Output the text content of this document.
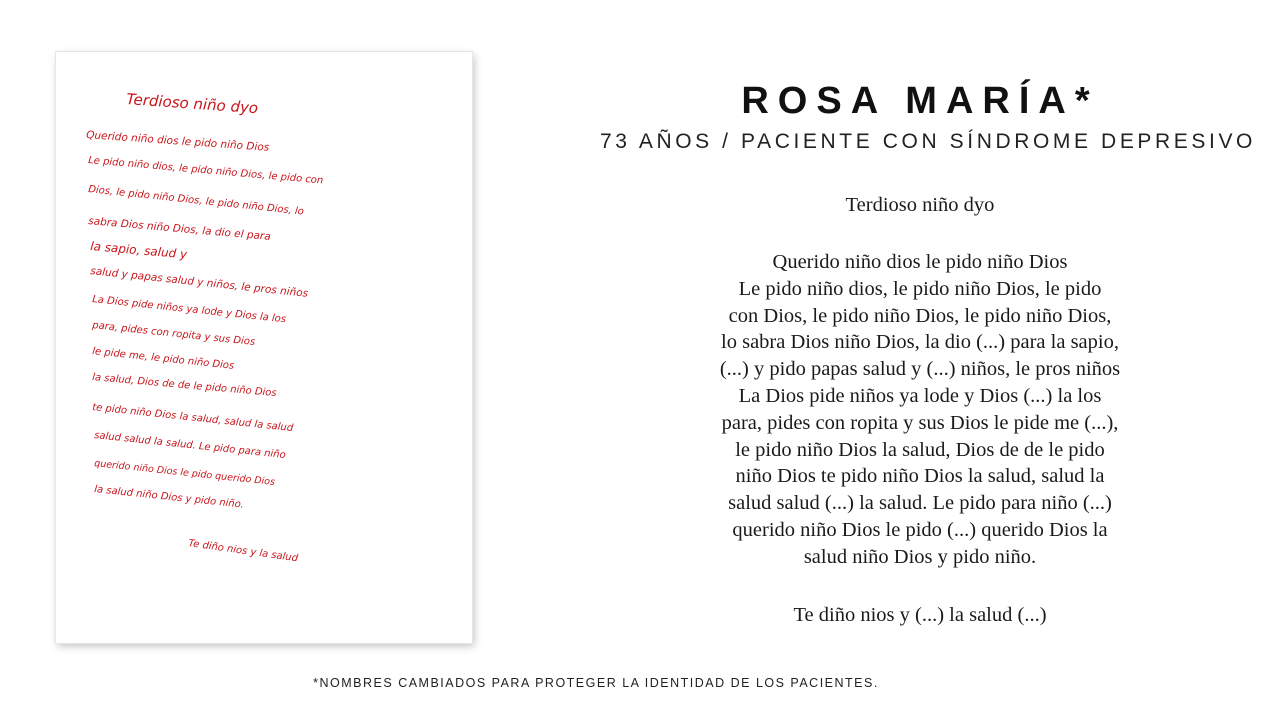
Terdioso niño dyo
Querido niño dios le pido niño Dios
Le pido niño dios, le pido niño Dios, le pido con
Dios, le pido niño Dios, le pido niño Dios, lo
sabra Dios niño Dios, la dio el para
la sapio, salud y
salud y papas salud y niños, le pros niños
La Dios pide niños ya lode y Dios la los
para, pides con ropita y sus Dios
le pide me, le pido niño Dios
la salud, Dios de de le pido niño Dios
te pido niño Dios la salud, salud la salud
salud salud la salud. Le pido para niño
querido niño Dios le pido querido Dios
la salud niño Dios y pido niño.
Te diño nios y la salud
ROSA MARÍA*

73 AÑOS / PACIENTE CON SÍNDROME DEPRESIVO

Terdioso niño dyo

Querido niño dios le pido niño Dios
Le pido niño dios, le pido niño Dios, le pido
con Dios, le pido niño Dios, le pido niño Dios,
lo sabra Dios niño Dios, la dio (...) para la sapio,
(...) y pido papas salud y (...) niños, le pros niños
La Dios pide niños ya lode y Dios (...) la los
para, pides con ropita y sus Dios le pide me (...),
le pido niño Dios la salud, Dios de de le pido
niño Dios te pido niño Dios la salud, salud la
salud salud (...) la salud. Le pido para niño (...)
querido niño Dios le pido (...) querido Dios la
salud niño Dios y pido niño.

Te diño nios y (...) la salud (...)

*NOMBRES CAMBIADOS PARA PROTEGER LA IDENTIDAD DE LOS PACIENTES.
